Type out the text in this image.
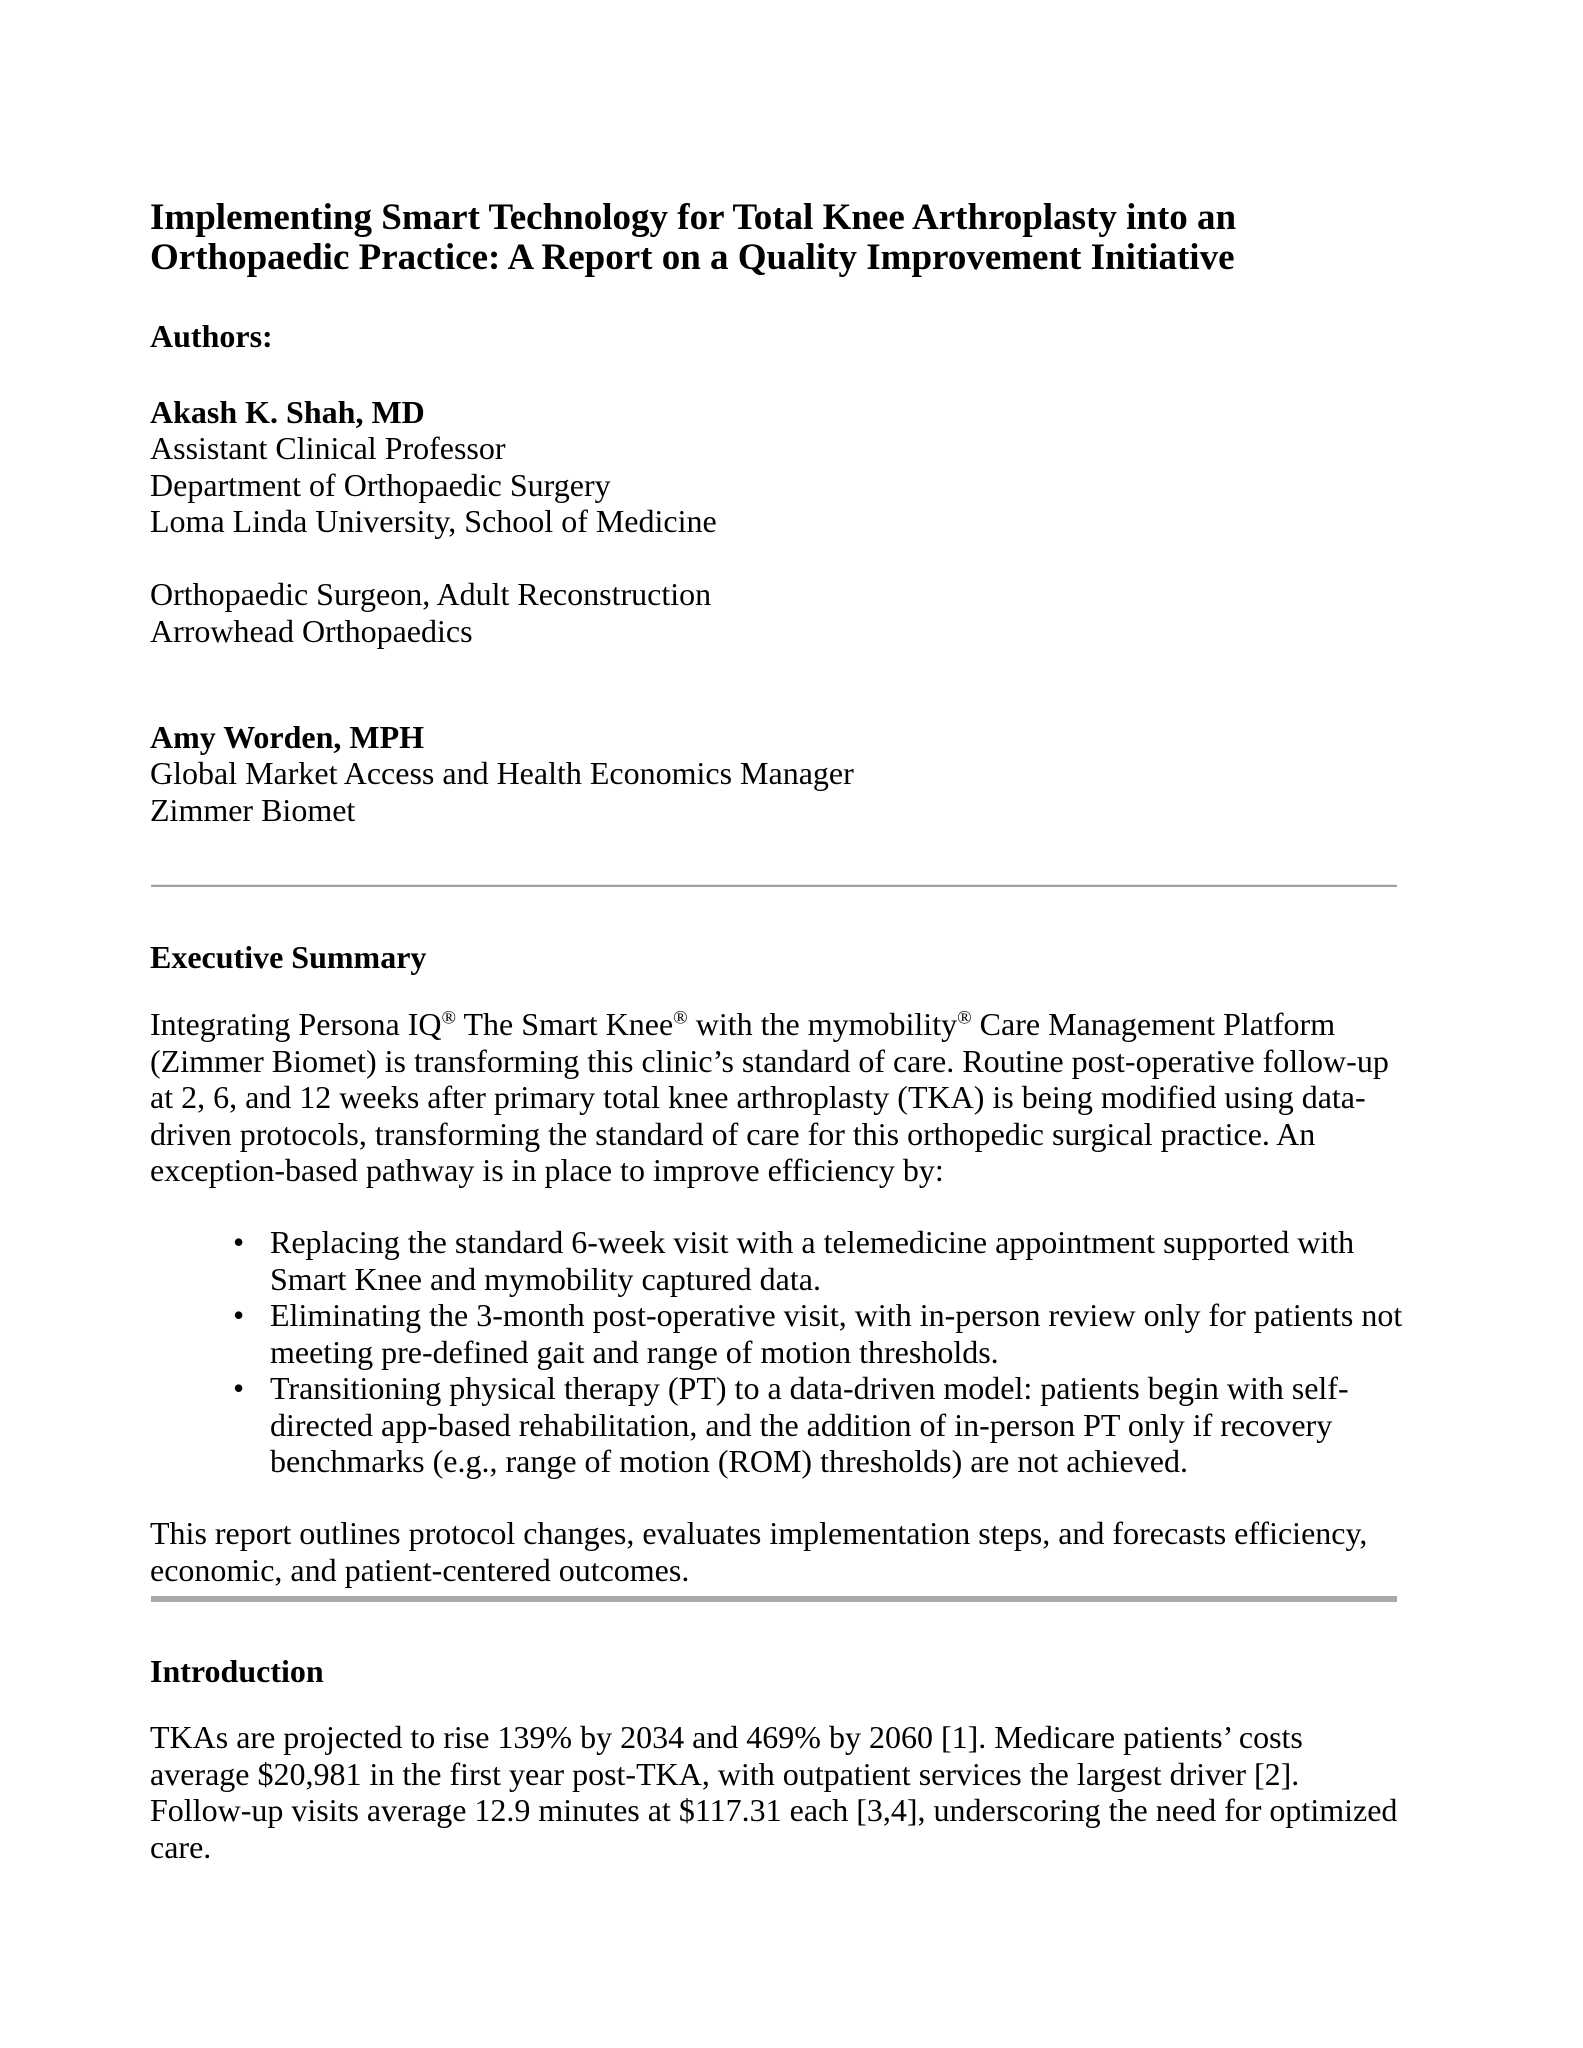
Implementing Smart Technology for Total Knee Arthroplasty into an
Orthopaedic Practice: A Report on a Quality Improvement Initiative
Authors:
Akash K. Shah, MD
Assistant Clinical Professor
Department of Orthopaedic Surgery
Loma Linda University, School of Medicine
Orthopaedic Surgeon, Adult Reconstruction
Arrowhead Orthopaedics
Amy Worden, MPH
Global Market Access and Health Economics Manager
Zimmer Biomet
Executive Summary
Integrating Persona IQ® The Smart Knee® with the mymobility® Care Management Platform
(Zimmer Biomet) is transforming this clinic’s standard of care. Routine post-operative follow-up
at 2, 6, and 12 weeks after primary total knee arthroplasty (TKA) is being modified using data-
driven protocols, transforming the standard of care for this orthopedic surgical practice. An
exception-based pathway is in place to improve efficiency by:
• Replacing the standard 6-week visit with a telemedicine appointment supported with
Smart Knee and mymobility captured data.
• Eliminating the 3-month post-operative visit, with in-person review only for patients not
meeting pre-defined gait and range of motion thresholds.
• Transitioning physical therapy (PT) to a data-driven model: patients begin with self-
directed app-based rehabilitation, and the addition of in-person PT only if recovery
benchmarks (e.g., range of motion (ROM) thresholds) are not achieved.
This report outlines protocol changes, evaluates implementation steps, and forecasts efficiency,
economic, and patient-centered outcomes.
Introduction
TKAs are projected to rise 139% by 2034 and 469% by 2060 [1]. Medicare patients’ costs
average $20,981 in the first year post-TKA, with outpatient services the largest driver [2].
Follow-up visits average 12.9 minutes at $117.31 each [3,4], underscoring the need for optimized
care.
